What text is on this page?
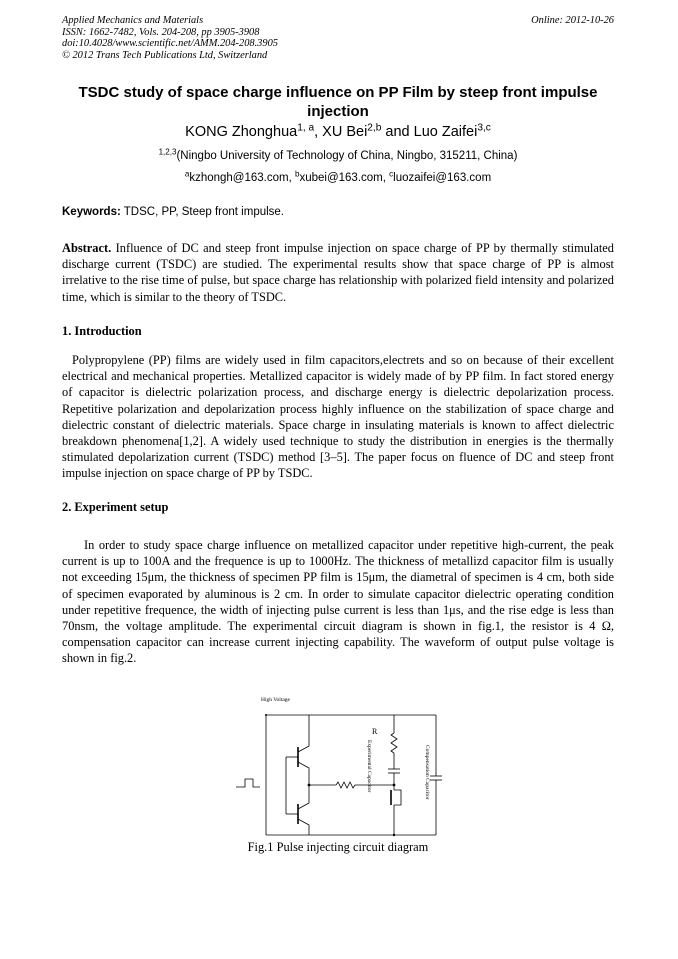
Applied Mechanics and Materials
ISSN: 1662-7482, Vols. 204-208, pp 3905-3908
doi:10.4028/www.scientific.net/AMM.204-208.3905
© 2012 Trans Tech Publications Ltd, Switzerland
Online: 2012-10-26
TSDC study of space charge influence on PP Film by steep front impulse
injection
KONG Zhonghua$^{1, a}$, XU Bei$^{2,b}$ and Luo Zaifei$^{3,c}$
$^{1,2,3}$(Ningbo University of Technology of China, Ningbo, 315211, China)
$^a$kzhongh@163.com, $^b$xubei@163.com, $^c$luozaifei@163.com
Keywords: TDSC, PP, Steep front impulse.
Abstract. Influence of DC and steep front impulse injection on space charge of PP by thermally stimulated discharge current (TSDC) are studied. The experimental results show that space charge of PP is almost irrelative to the rise time of pulse, but space charge has relationship with polarized field intensity and polarized time, which is similar to the theory of TSDC.
1. Introduction
Polypropylene (PP) films are widely used in film capacitors,electrets and so on because of their excellent electrical and mechanical properties. Metallized capacitor is widely made of by PP film. In fact stored energy of capacitor is dielectric polarization process, and discharge energy is dielectric depolarization process. Repetitive polarization and depolarization process highly influence on the stabilization of space charge and dielectric constant of dielectric materials. Space charge in insulating materials is known to affect dielectric breakdown phenomena[1,2]. A widely used technique to study the distribution in energies is the thermally stimulated depolarization current (TSDC) method [3–5]. The paper focus on fluence of DC and steep front impulse injection on space charge of PP by TSDC.
2. Experiment setup
In order to study space charge influence on metallized capacitor under repetitive high-current, the peak current is up to 100A and the frequence is up to 1000Hz. The thickness of metallizd capacitor film is usually not exceeding 15μm, the thickness of specimen PP film is 15μm, the diametral of specimen is 4 cm, both side of specimen evaporated by aluminous is 2 cm. In order to simulate capacitor dielectric operating condition under repetitive frequence, the width of injecting pulse current is less than 1μs, and the rise edge is less than 70nsm, the voltage amplitude. The experimental circuit diagram is shown in fig.1, the resistor is 4 Ω, compensation capacitor can increase current injecting capability. The waveform of output pulse voltage is shown in fig.2.
High Voltage
R
Experimental Capacitor	Compensation Capacitor
Fig.1 Pulse injecting circuit diagram
